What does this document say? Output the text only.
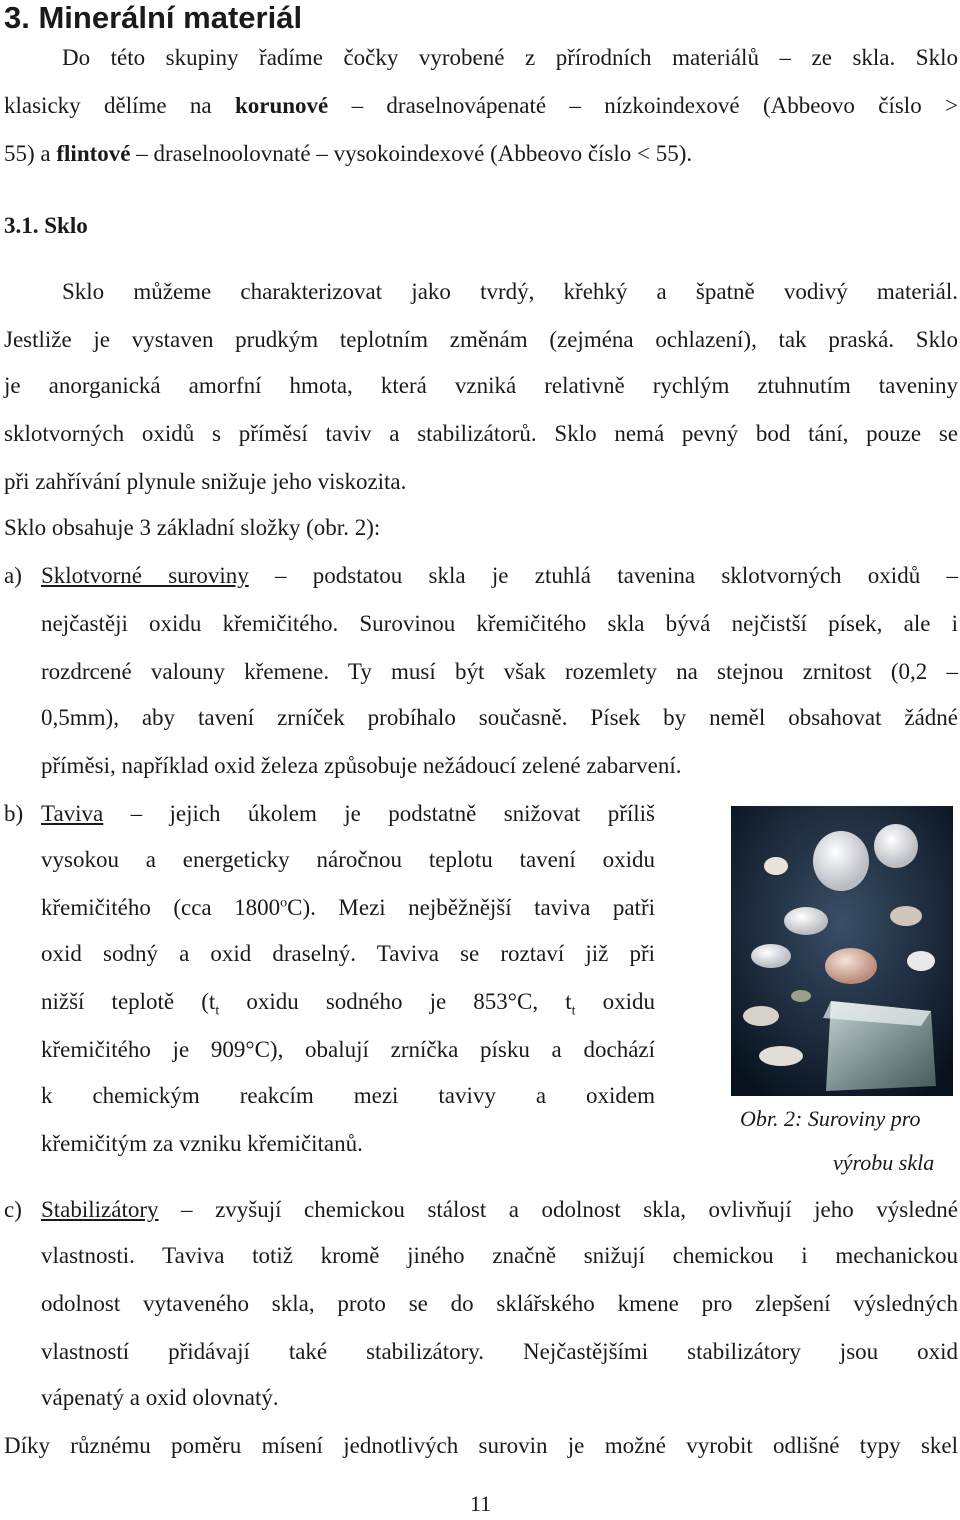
3. Minerální materiál
Do této skupiny řadíme čočky vyrobené z přírodních materiálů – ze skla. Sklo
klasicky dělíme na korunové – draselnovápenaté – nízkoindexové (Abbeovo číslo >
55) a flintové – draselnoolovnaté – vysokoindexové (Abbeovo číslo < 55).
3.1. Sklo
Sklo můžeme charakterizovat jako tvrdý, křehký a špatně vodivý materiál.
Jestliže je vystaven prudkým teplotním změnám (zejména ochlazení), tak praská. Sklo
je anorganická amorfní hmota, která vzniká relativně rychlým ztuhnutím taveniny
sklotvorných oxidů s příměsí taviv a stabilizátorů. Sklo nemá pevný bod tání, pouze se
při zahřívání plynule snižuje jeho viskozita.
Sklo obsahuje 3 základní složky (obr. 2):
a) Sklotvorné suroviny – podstatou skla je ztuhlá tavenina sklotvorných oxidů –
nejčastěji oxidu křemičitého. Surovinou křemičitého skla bývá nejčistší písek, ale i
rozdrcené valouny křemene. Ty musí být však rozemlety na stejnou zrnitost (0,2 –
0,5mm), aby tavení zrníček probíhalo současně. Písek by neměl obsahovat žádné
příměsi, například oxid železa způsobuje nežádoucí zelené zabarvení.
b) Taviva – jejich úkolem je podstatně snižovat příliš
vysokou a energeticky náročnou teplotu tavení oxidu
křemičitého (cca 1800$^o$C). Mezi nejběžnější taviva patři
oxid sodný a oxid draselný. Taviva se roztaví již při
nižší teplotě ($t_t$ oxidu sodného je 853°C, $t_t$ oxidu
křemičitého je 909°C), obalují zrníčka písku a dochází
k chemickým reakcím mezi tavivy a oxidem
křemičitým za vzniku křemičitanů.
Obr. 2: Suroviny pro
výrobu skla
c) Stabilizátory – zvyšují chemickou stálost a odolnost skla, ovlivňují jeho výsledné
vlastnosti. Taviva totiž kromě jiného značně snižují chemickou i mechanickou
odolnost vytaveného skla, proto se do sklářského kmene pro zlepšení výsledných
vlastností přidávají také stabilizátory. Nejčastějšími stabilizátory jsou oxid
vápenatý a oxid olovnatý.
Díky různému poměru mísení jednotlivých surovin je možné vyrobit odlišné typy skel
11
